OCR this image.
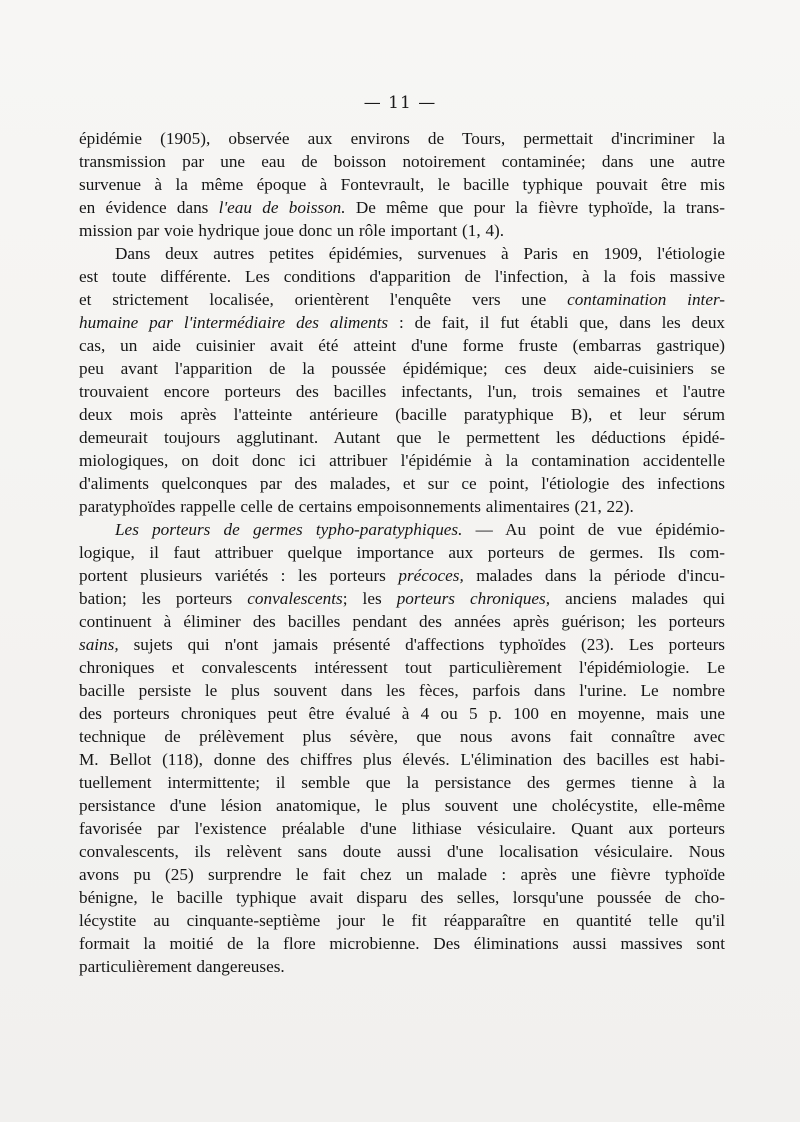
— 11 —
épidémie (1905), observée aux environs de Tours, permettait d'incriminer la
transmission par une eau de boisson notoirement contaminée; dans une autre
survenue à la même époque à Fontevrault, le bacille typhique pouvait être mis
en évidence dans l'eau de boisson. De même que pour la fièvre typhoïde, la trans-
mission par voie hydrique joue donc un rôle important (1, 4).
Dans deux autres petites épidémies, survenues à Paris en 1909, l'étiologie
est toute différente. Les conditions d'apparition de l'infection, à la fois massive
et strictement localisée, orientèrent l'enquête vers une contamination inter-
humaine par l'intermédiaire des aliments : de fait, il fut établi que, dans les deux
cas, un aide cuisinier avait été atteint d'une forme fruste (embarras gastrique)
peu avant l'apparition de la poussée épidémique; ces deux aide-cuisiniers se
trouvaient encore porteurs des bacilles infectants, l'un, trois semaines et l'autre
deux mois après l'atteinte antérieure (bacille paratyphique B), et leur sérum
demeurait toujours agglutinant. Autant que le permettent les déductions épidé-
miologiques, on doit donc ici attribuer l'épidémie à la contamination accidentelle
d'aliments quelconques par des malades, et sur ce point, l'étiologie des infections
paratyphoïdes rappelle celle de certains empoisonnements alimentaires (21, 22).
Les porteurs de germes typho-paratyphiques. — Au point de vue épidémio-
logique, il faut attribuer quelque importance aux porteurs de germes. Ils com-
portent plusieurs variétés : les porteurs précoces, malades dans la période d'incu-
bation; les porteurs convalescents; les porteurs chroniques, anciens malades qui
continuent à éliminer des bacilles pendant des années après guérison; les porteurs
sains, sujets qui n'ont jamais présenté d'affections typhoïdes (23). Les porteurs
chroniques et convalescents intéressent tout particulièrement l'épidémiologie. Le
bacille persiste le plus souvent dans les fèces, parfois dans l'urine. Le nombre
des porteurs chroniques peut être évalué à 4 ou 5 p. 100 en moyenne, mais une
technique de prélèvement plus sévère, que nous avons fait connaître avec
M. Bellot (118), donne des chiffres plus élevés. L'élimination des bacilles est habi-
tuellement intermittente; il semble que la persistance des germes tienne à la
persistance d'une lésion anatomique, le plus souvent une cholécystite, elle-même
favorisée par l'existence préalable d'une lithiase vésiculaire. Quant aux porteurs
convalescents, ils relèvent sans doute aussi d'une localisation vésiculaire. Nous
avons pu (25) surprendre le fait chez un malade : après une fièvre typhoïde
bénigne, le bacille typhique avait disparu des selles, lorsqu'une poussée de cho-
lécystite au cinquante-septième jour le fit réapparaître en quantité telle qu'il
formait la moitié de la flore microbienne. Des éliminations aussi massives sont
particulièrement dangereuses.
